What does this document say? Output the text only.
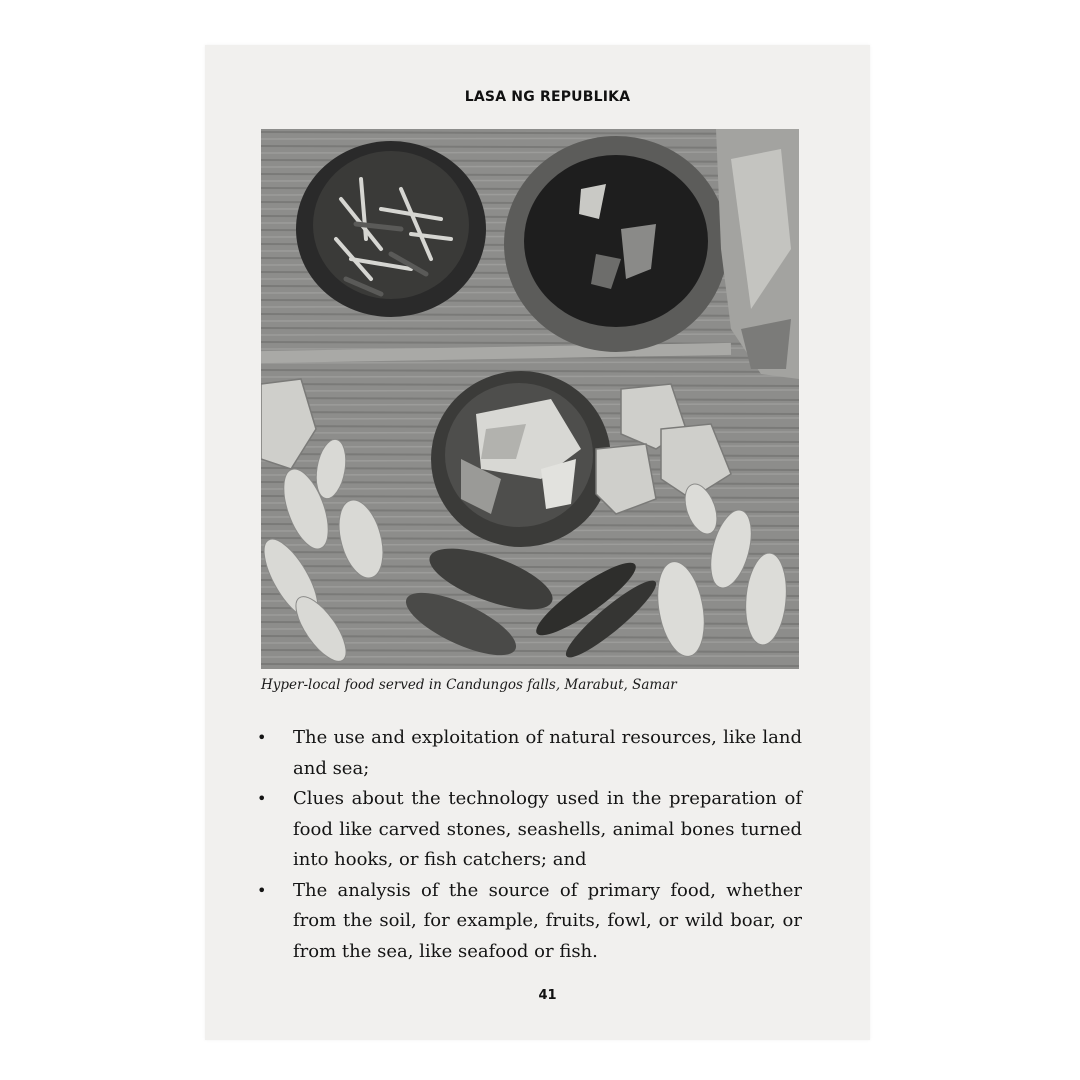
LASA NG REPUBLIKA
Hyper-local food served in Candungos falls, Marabut, Samar
•	The use and exploitation of natural resources, like land and sea;
•	Clues about the technology used in the preparation of food like carved stones, seashells, animal bones turned into hooks, or fish catchers; and
•	The analysis of the source of primary food, whether from the soil, for example, fruits, fowl, or wild boar, or from the sea, like seafood or fish.
41
